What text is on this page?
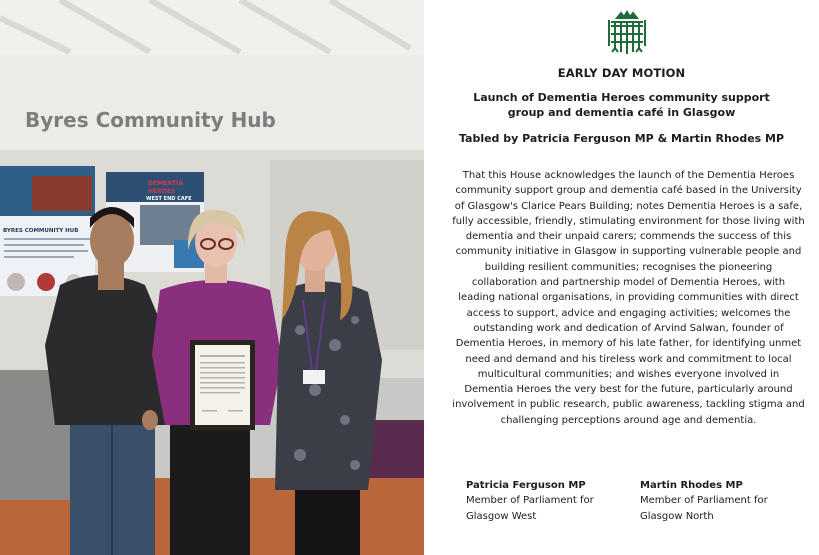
Byres Community Hub
BYRES COMMUNITY HUB
DEMENTIA
HEROES
WEST END CAFE
EARLY DAY MOTION
Launch of Dementia Heroes community support group and dementia café in Glasgow
Tabled by Patricia Ferguson MP & Martin Rhodes MP

That this House acknowledges the launch of the Dementia Heroes community support group and dementia café based in the University of Glasgow's Clarice Pears Building; notes Dementia Heroes is a safe, fully accessible, friendly, stimulating environment for those living with dementia and their unpaid carers; commends the success of this community initiative in Glasgow in supporting vulnerable people and building resilient communities; recognises the pioneering collaboration and partnership model of Dementia Heroes, with leading national organisations, in providing communities with direct access to support, advice and engaging activities; welcomes the outstanding work and dedication of Arvind Salwan, founder of Dementia Heroes, in memory of his late father, for identifying unmet need and demand and his tireless work and commitment to local multicultural communities; and wishes everyone involved in Dementia Heroes the very best for the future, particularly around involvement in public research, public awareness, tackling stigma and challenging perceptions around age and dementia.

Patricia Ferguson MP
Member of Parliament for Glasgow West
Martin Rhodes MP
Member of Parliament for Glasgow North
